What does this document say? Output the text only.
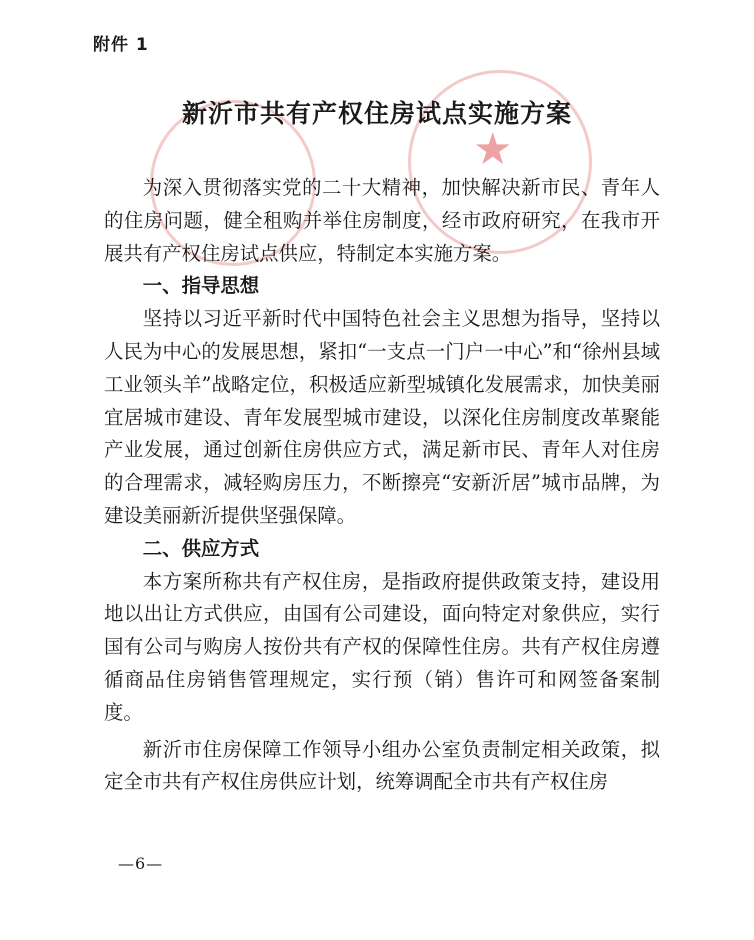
★
附件 1
新沂市共有产权住房试点实施方案

为深入贯彻落实党的二十大精神，加快解决新市民、青年人的住房问题，健全租购并举住房制度，经市政府研究，在我市开展共有产权住房试点供应，特制定本实施方案。

一、指导思想

坚持以习近平新时代中国特色社会主义思想为指导，坚持以人民为中心的发展思想，紧扣“一支点一门户一中心”和“徐州县域工业领头羊”战略定位，积极适应新型城镇化发展需求，加快美丽宜居城市建设、青年发展型城市建设，以深化住房制度改革聚能产业发展，通过创新住房供应方式，满足新市民、青年人对住房的合理需求，减轻购房压力，不断擦亮“安新沂居”城市品牌，为建设美丽新沂提供坚强保障。

二、供应方式

本方案所称共有产权住房，是指政府提供政策支持，建设用地以出让方式供应，由国有公司建设，面向特定对象供应，实行国有公司与购房人按份共有产权的保障性住房。共有产权住房遵循商品住房销售管理规定，实行预（销）售许可和网签备案制度。

新沂市住房保障工作领导小组办公室负责制定相关政策，拟定全市共有产权住房供应计划，统筹调配全市共有产权住房

—6—
